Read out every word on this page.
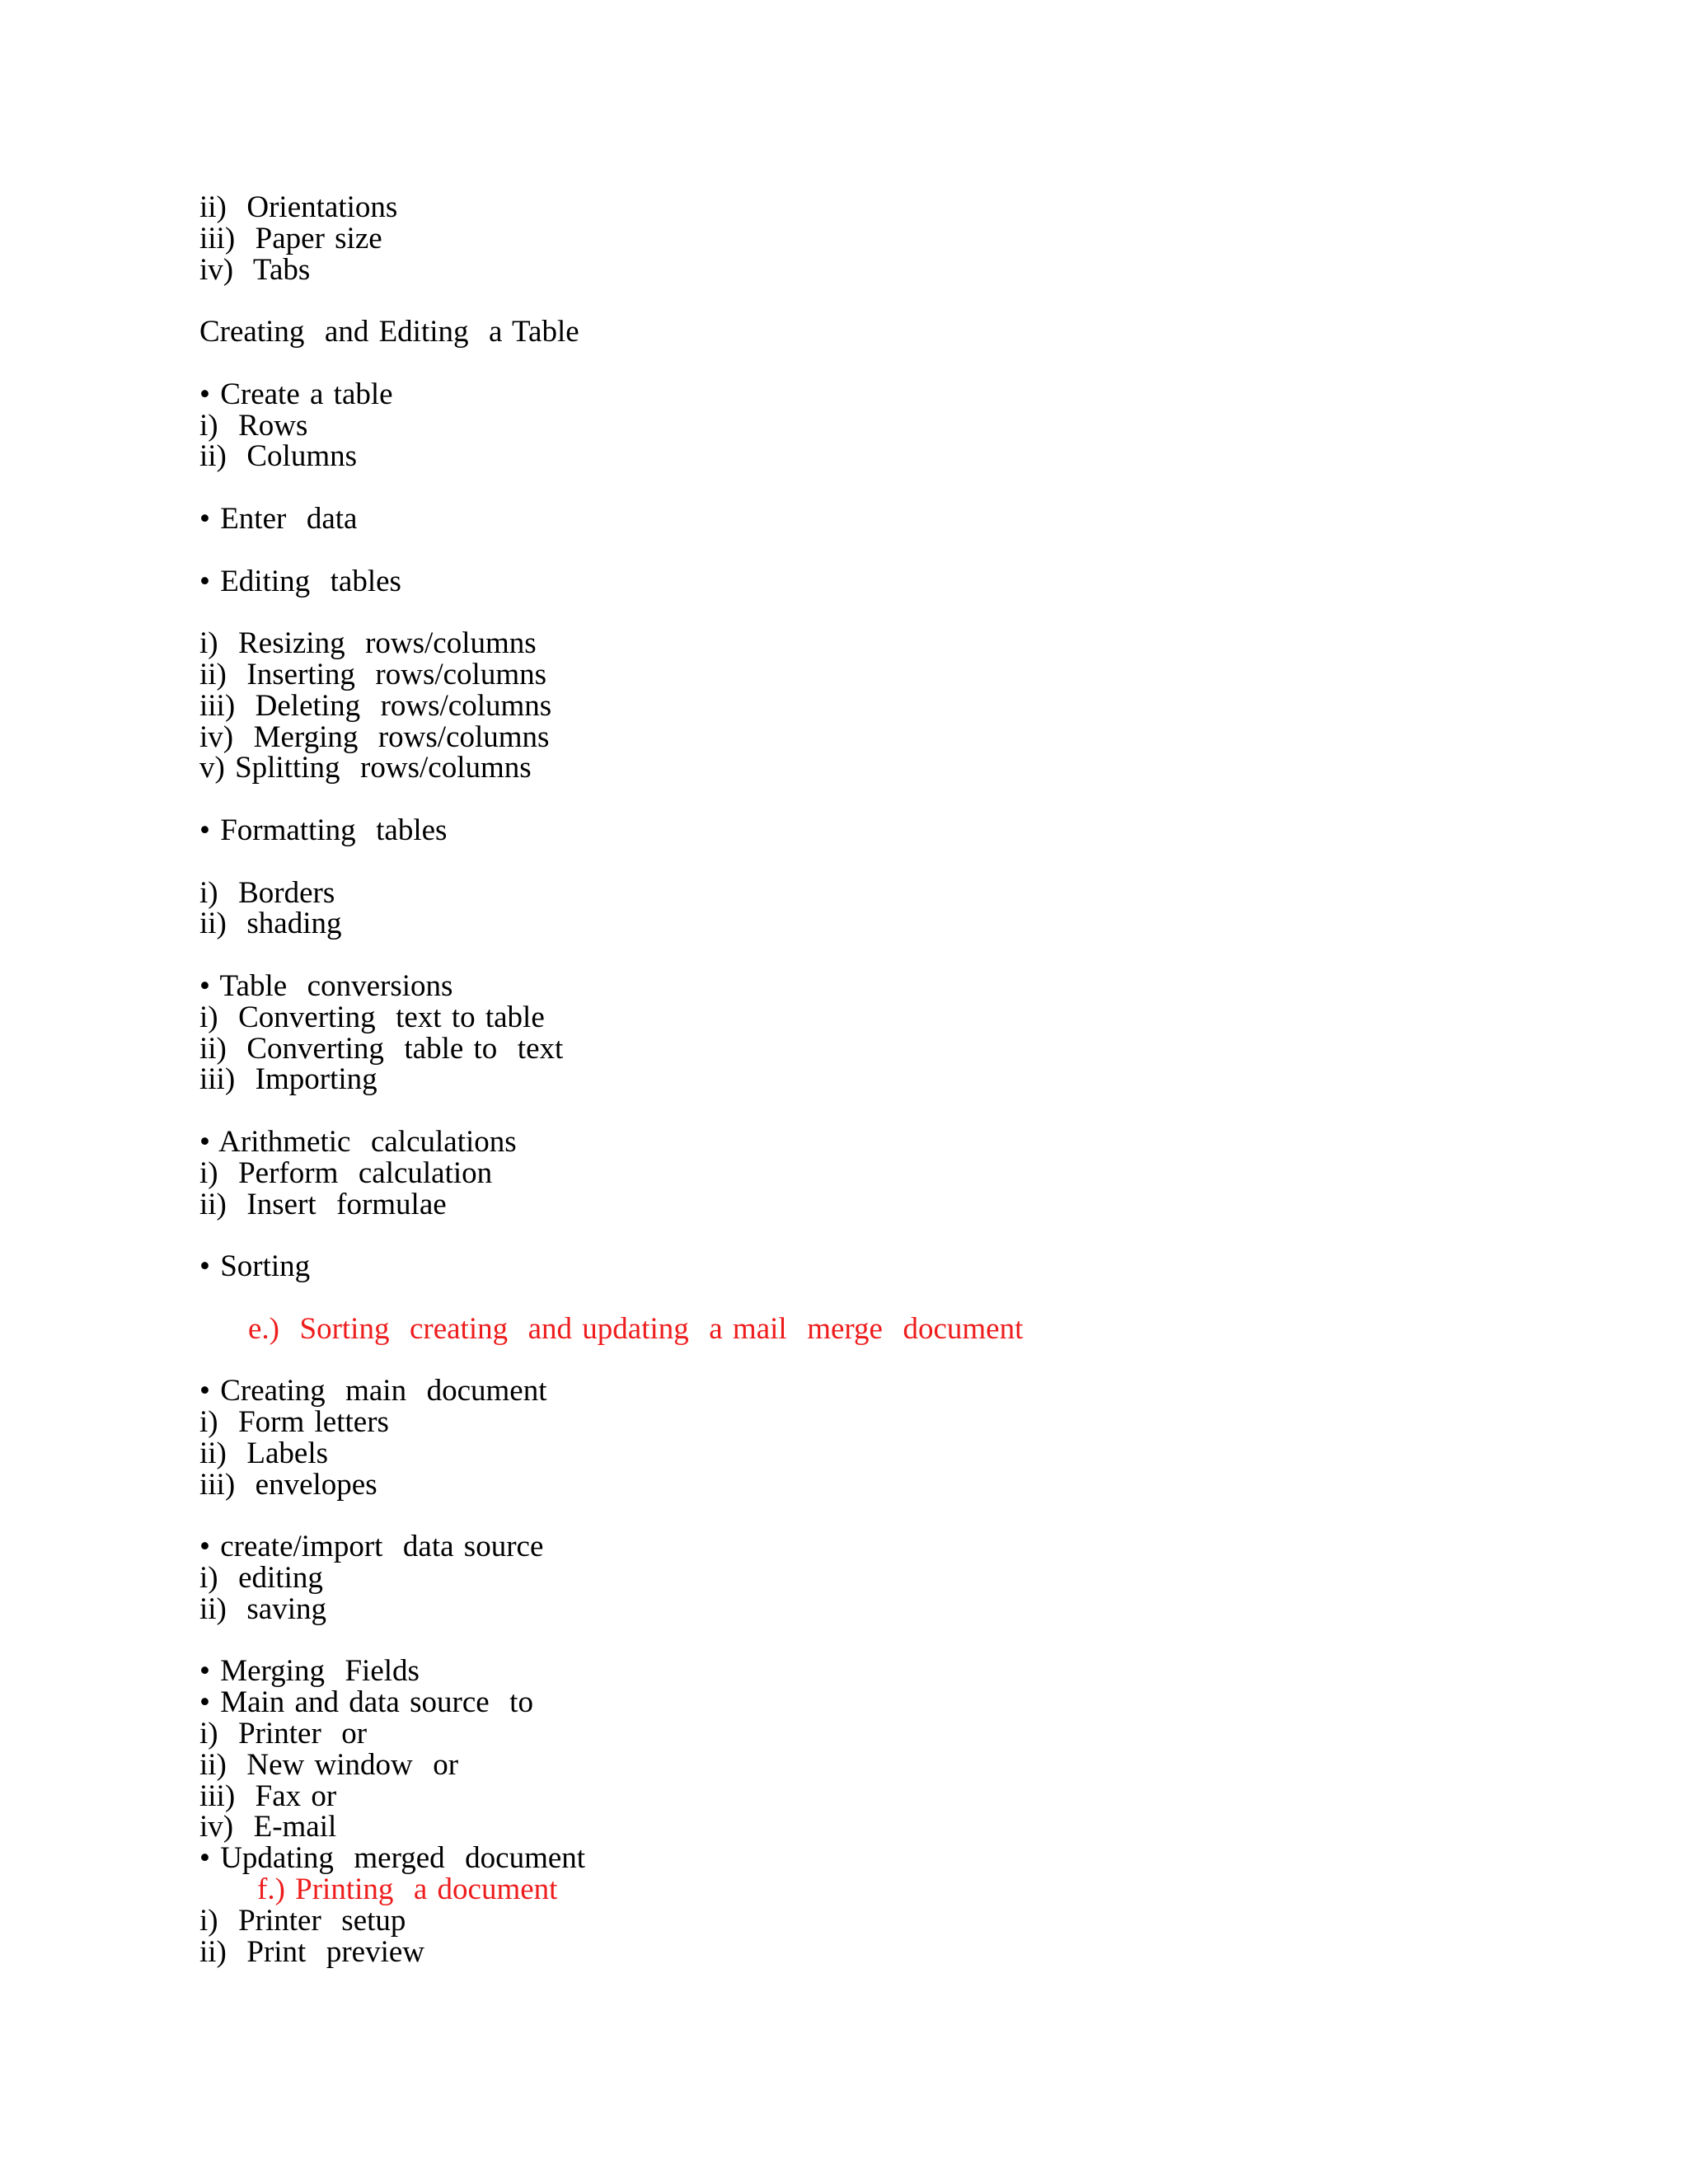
ii)  Orientations
iii)  Paper size
iv)  Tabs
Creating  and Editing  a Table
• Create a table
i)  Rows
ii)  Columns
• Enter  data
• Editing  tables
i)  Resizing  rows/columns
ii)  Inserting  rows/columns
iii)  Deleting  rows/columns
iv)  Merging  rows/columns
v) Splitting  rows/columns
• Formatting  tables
i)  Borders
ii)  shading
• Table  conversions
i)  Converting  text to table
ii)  Converting  table to  text
iii)  Importing
• Arithmetic  calculations
i)  Perform  calculation
ii)  Insert  formulae
• Sorting
e.)  Sorting  creating  and updating  a mail  merge  document
• Creating  main  document
i)  Form letters
ii)  Labels
iii)  envelopes
• create/import  data source
i)  editing
ii)  saving
• Merging  Fields
• Main and data source  to
i)  Printer  or
ii)  New window  or
iii)  Fax or
iv)  E-mail
• Updating  merged  document
f.) Printing  a document
i)  Printer  setup
ii)  Print  preview
